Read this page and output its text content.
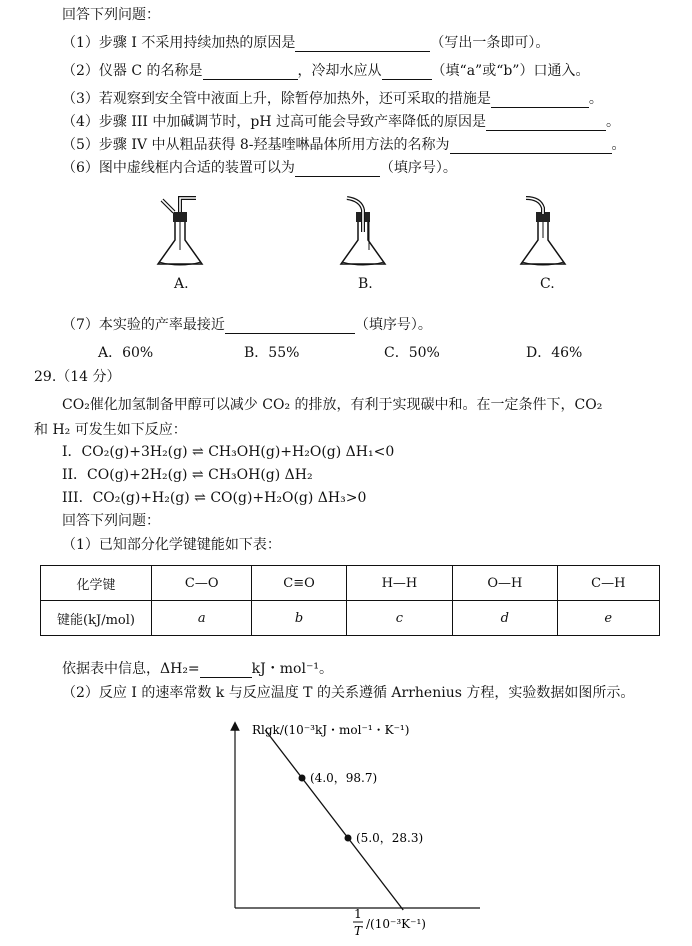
回答下列问题：
（1）步骤 I 不采用持续加热的原因是	（写出一条即可）。
（2）仪器 C 的名称是	，冷却水应从	（填“a”或“b”）口通入。
（3）若观察到安全管中液面上升，除暂停加热外，还可采取的措施是	。
（4）步骤 III 中加碱调节时，pH 过高可能会导致产率降低的原因是	。
（5）步骤 IV 中从粗品获得 8-羟基喹啉晶体所用方法的名称为	。
（6）图中虚线框内合适的装置可以为	（填序号）。
A.	B.	C.
（7）本实验的产率最接近	（填序号）。
A．60%	B．55%	C．50%	D．46%
29.（14 分）
CO₂催化加氢制备甲醇可以减少 CO₂ 的排放，有利于实现碳中和。在一定条件下，CO₂
和 H₂ 可发生如下反应：
I．CO₂(g)+3H₂(g) ⇌ CH₃OH(g)+H₂O(g) ΔH₁<0
II．CO(g)+2H₂(g) ⇌ CH₃OH(g) ΔH₂
III．CO₂(g)+H₂(g) ⇌ CO(g)+H₂O(g) ΔH₃>0
回答下列问题：
（1）已知部分化学键键能如下表：
化学键	C—O	C≡O	H—H	O—H	C—H
键能(kJ/mol)	a	b	c	d	e
依据表中信息，ΔH₂=	kJ・mol⁻¹。
（2）反应 I 的速率常数 k 与反应温度 T 的关系遵循 Arrhenius 方程，实验数据如图所示。
Rlgk/(10⁻³kJ・mol⁻¹・K⁻¹)
(4.0，98.7)
(5.0，28.3)
1
T /(10⁻³K⁻¹)
